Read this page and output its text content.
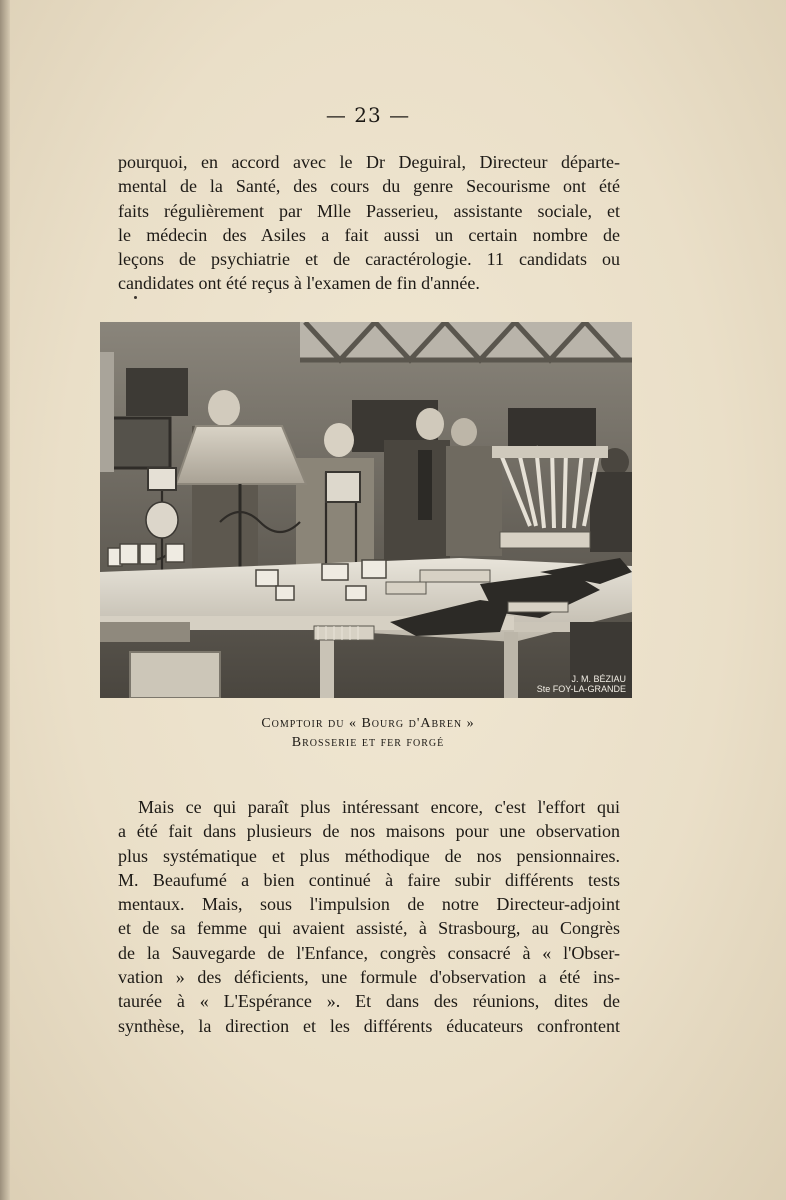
— 23 —
pourquoi, en accord avec le Dr Deguiral, Directeur départe-
mental de la Santé, des cours du genre Secourisme ont été
faits régulièrement par Mlle Passerieu, assistante sociale, et
le médecin des Asiles a fait aussi un certain nombre de
leçons de psychiatrie et de caractérologie. 11 candidats ou
candidates ont été reçus à l'examen de fin d'année.
J. M. BÉZIAU
Ste FOY-LA-GRANDE
Comptoir du « Bourg d'Abren »
Brosserie et fer forgé
Mais ce qui paraît plus intéressant encore, c'est l'effort qui
a été fait dans plusieurs de nos maisons pour une observation
plus systématique et plus méthodique de nos pensionnaires.
M. Beaufumé a bien continué à faire subir différents tests
mentaux. Mais, sous l'impulsion de notre Directeur-adjoint
et de sa femme qui avaient assisté, à Strasbourg, au Congrès
de la Sauvegarde de l'Enfance, congrès consacré à « l'Obser-
vation » des déficients, une formule d'observation a été ins-
taurée à « L'Espérance ». Et dans des réunions, dites de
synthèse, la direction et les différents éducateurs confrontent
